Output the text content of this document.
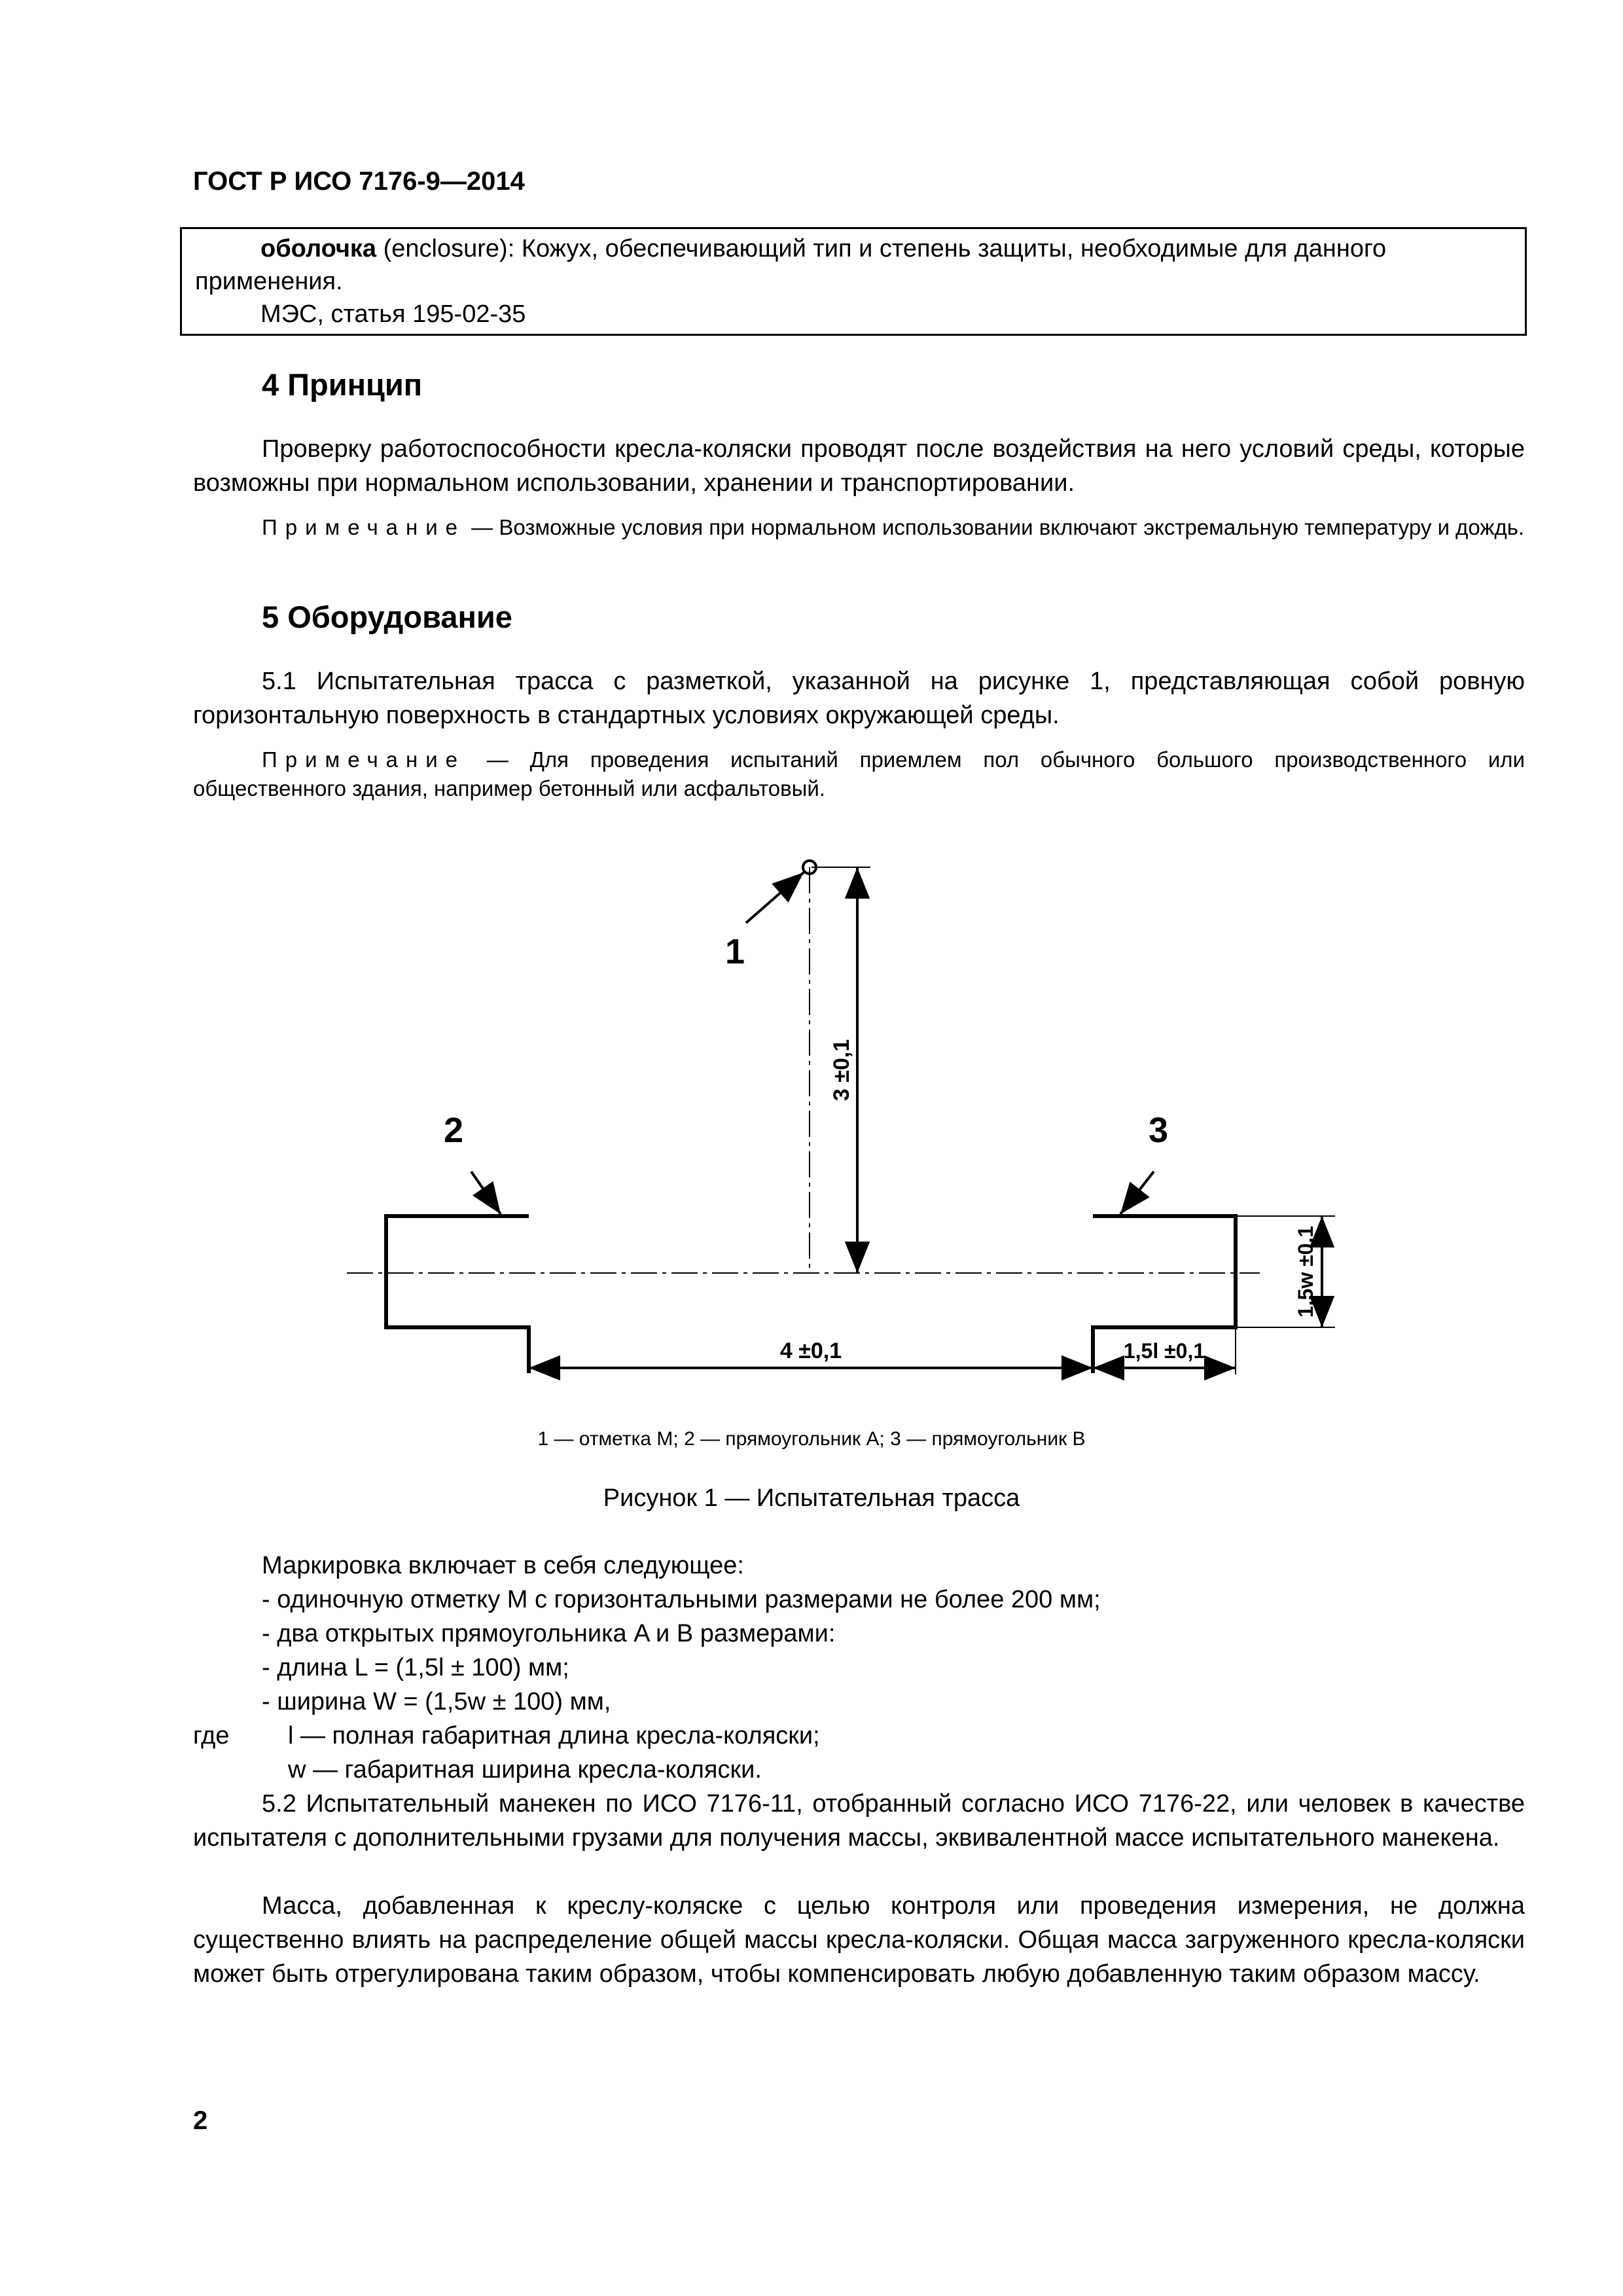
ГОСТ Р ИСО 7176-9—2014

оболочка (enclosure): Кожух, обеспечивающий тип и степень защиты, необходимые для данного

применения.

МЭС, статья 195-02-35

4 Принцип
Проверку работоспособности кресла-коляски проводят после воздействия на него условий среды, которые возможны при нормальном использовании, хранении и транспортировании.
Примечание — Возможные условия при нормальном использовании включают экстремальную температуру и дождь.
5 Оборудование
5.1 Испытательная трасса с разметкой, указанной на рисунке 1, представляющая собой ровную горизонтальную поверхность в стандартных условиях окружающей среды.
Примечание — Для проведения испытаний приемлем пол обычного большого производственного или общественного здания, например бетонный или асфальтовый.
1
2	3
3 ±0,1
4 ±0,1	1,5l ±0,1
1,5w ±0,1
1 — отметка M; 2 — прямоугольник A; 3 — прямоугольник B
Рисунок 1 — Испытательная трасса

Маркировка включает в себя следующее:

- одиночную отметку M с горизонтальными размерами не более 200 мм;

- два открытых прямоугольника A и B размерами:

- длина L = (1,5l ± 100) мм;

- ширина W = (1,5w ± 100) мм,

где l — полная габаритная длина кресла-коляски;

w — габаритная ширина кресла-коляски.

5.2 Испытательный манекен по ИСО 7176-11, отобранный согласно ИСО 7176-22, или человек в качестве испытателя с дополнительными грузами для получения массы, эквивалентной массе испытательного манекена.
Масса, добавленная к креслу-коляске с целью контроля или проведения измерения, не должна существенно влиять на распределение общей массы кресла-коляски. Общая масса загруженного кресла-коляски может быть отрегулирована таким образом, чтобы компенсировать любую добавленную таким образом массу.
2
